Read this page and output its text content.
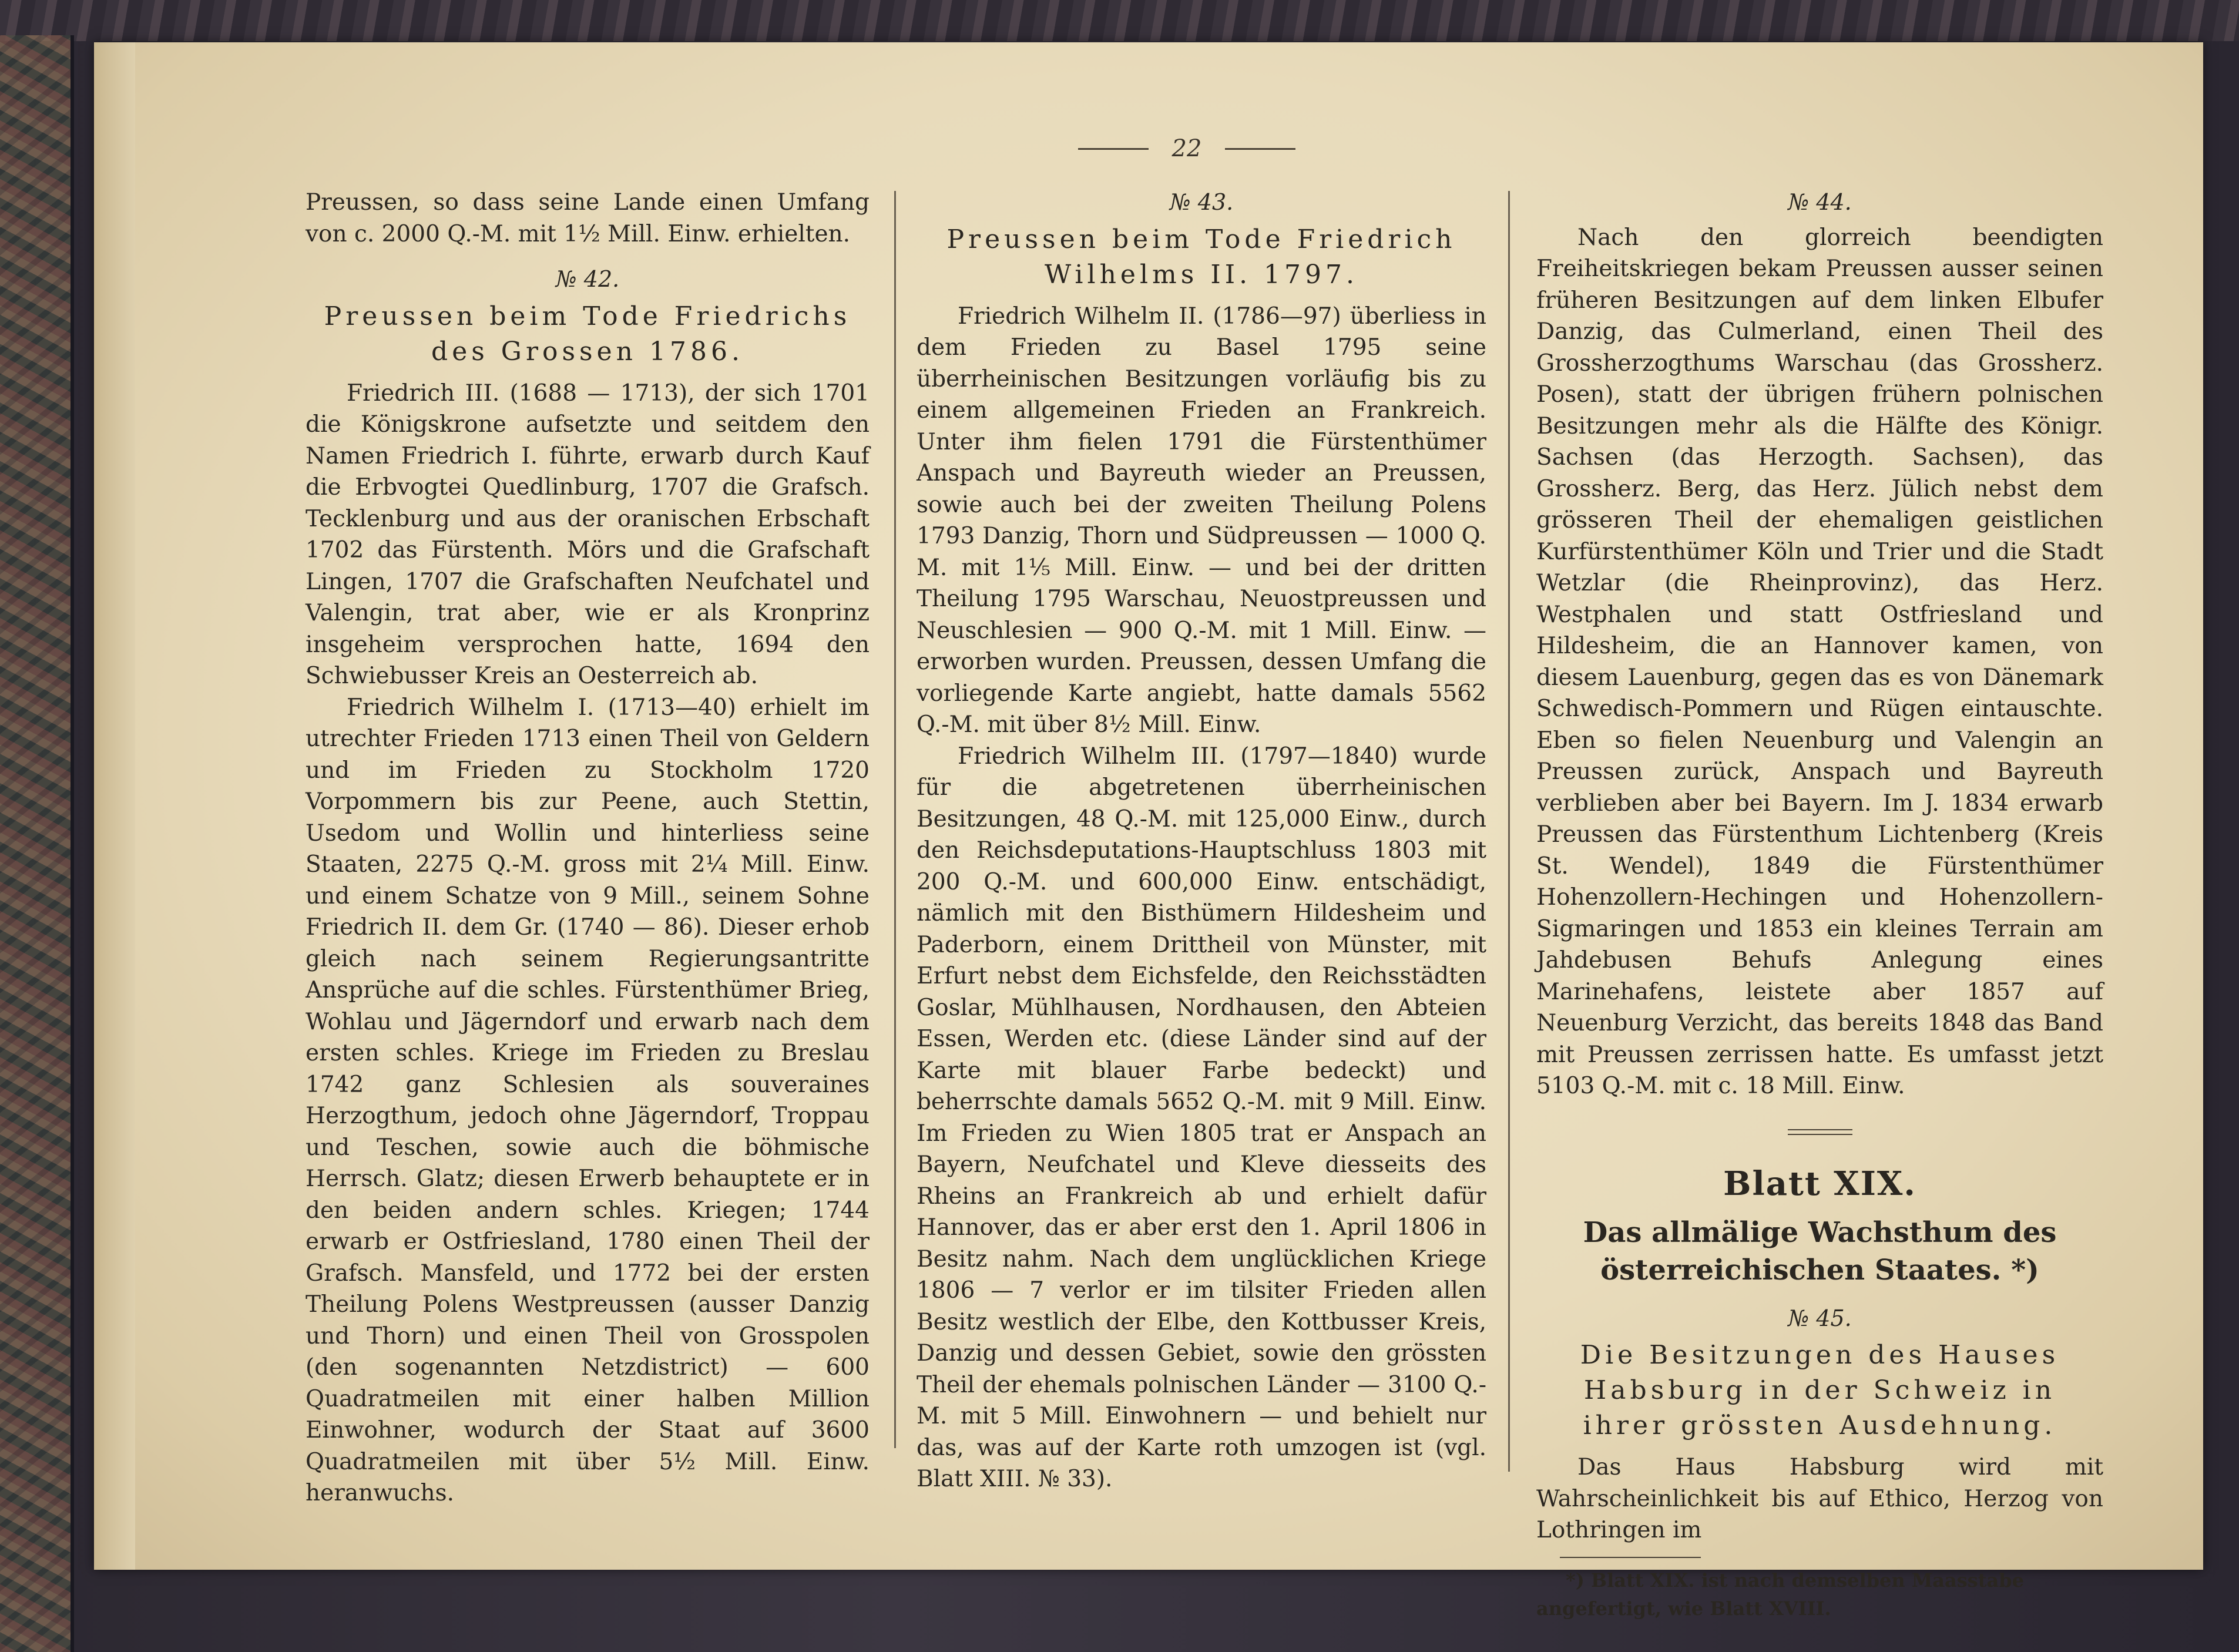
22

Preussen, so dass seine Lande einen Umfang von c. 2000 Q.-M. mit 1½ Mill. Einw. erhielten.

№ 42.
Preussen beim Tode Friedrichs des Grossen 1786.

Friedrich III. (1688 — 1713), der sich 1701 die Königskrone aufsetzte und seitdem den Namen Friedrich I. führte, erwarb durch Kauf die Erbvogtei Quedlinburg, 1707 die Grafsch. Tecklenburg und aus der oranischen Erbschaft 1702 das Fürstenth. Mörs und die Grafschaft Lingen, 1707 die Grafschaften Neufchatel und Valengin, trat aber, wie er als Kronprinz insgeheim versprochen hatte, 1694 den Schwiebusser Kreis an Oesterreich ab.

Friedrich Wilhelm I. (1713—40) erhielt im utrechter Frieden 1713 einen Theil von Geldern und im Frieden zu Stockholm 1720 Vorpommern bis zur Peene, auch Stettin, Usedom und Wollin und hinterliess seine Staaten, 2275 Q.-M. gross mit 2¼ Mill. Einw. und einem Schatze von 9 Mill., seinem Sohne Friedrich II. dem Gr. (1740 — 86). Dieser erhob gleich nach seinem Regierungsantritte Ansprüche auf die schles. Fürstenthümer Brieg, Wohlau und Jägerndorf und erwarb nach dem ersten schles. Kriege im Frieden zu Breslau 1742 ganz Schlesien als souveraines Herzogthum, jedoch ohne Jägerndorf, Troppau und Teschen, sowie auch die böhmische Herrsch. Glatz; diesen Erwerb behauptete er in den beiden andern schles. Kriegen; 1744 erwarb er Ostfriesland, 1780 einen Theil der Grafsch. Mansfeld, und 1772 bei der ersten Theilung Polens Westpreussen (ausser Danzig und Thorn) und einen Theil von Grosspolen (den sogenannten Netzdistrict) — 600 Quadratmeilen mit einer halben Million Einwohner, wodurch der Staat auf 3600 Quadratmeilen mit über 5½ Mill. Einw. heranwuchs.

№ 43.
Preussen beim Tode Friedrich Wilhelms II. 1797.

Friedrich Wilhelm II. (1786—97) überliess in dem Frieden zu Basel 1795 seine überrheinischen Besitzungen vorläufig bis zu einem allgemeinen Frieden an Frankreich. Unter ihm fielen 1791 die Fürstenthümer Anspach und Bayreuth wieder an Preussen, sowie auch bei der zweiten Theilung Polens 1793 Danzig, Thorn und Südpreussen — 1000 Q. M. mit 1⅕ Mill. Einw. — und bei der dritten Theilung 1795 Warschau, Neuostpreussen und Neuschlesien — 900 Q.-M. mit 1 Mill. Einw. — erworben wurden. Preussen, dessen Umfang die vorliegende Karte angiebt, hatte damals 5562 Q.-M. mit über 8½ Mill. Einw.

Friedrich Wilhelm III. (1797—1840) wurde für die abgetretenen überrheinischen Besitzungen, 48 Q.-M. mit 125,000 Einw., durch den Reichsdeputations-Hauptschluss 1803 mit 200 Q.-M. und 600,000 Einw. entschädigt, nämlich mit den Bisthümern Hildesheim und Paderborn, einem Drittheil von Münster, mit Erfurt nebst dem Eichsfelde, den Reichsstädten Goslar, Mühlhausen, Nordhausen, den Abteien Essen, Werden etc. (diese Länder sind auf der Karte mit blauer Farbe bedeckt) und beherrschte damals 5652 Q.-M. mit 9 Mill. Einw. Im Frieden zu Wien 1805 trat er Anspach an Bayern, Neufchatel und Kleve diesseits des Rheins an Frankreich ab und erhielt dafür Hannover, das er aber erst den 1. April 1806 in Besitz nahm. Nach dem unglücklichen Kriege 1806 — 7 verlor er im tilsiter Frieden allen Besitz westlich der Elbe, den Kottbusser Kreis, Danzig und dessen Gebiet, sowie den grössten Theil der ehemals polnischen Länder — 3100 Q.-M. mit 5 Mill. Einwohnern — und behielt nur das, was auf der Karte roth umzogen ist (vgl. Blatt XIII. № 33).

№ 44.

Nach den glorreich beendigten Freiheitskriegen bekam Preussen ausser seinen früheren Besitzungen auf dem linken Elbufer Danzig, das Culmerland, einen Theil des Grossherzogthums Warschau (das Grossherz. Posen), statt der übrigen frühern polnischen Besitzungen mehr als die Hälfte des Königr. Sachsen (das Herzogth. Sachsen), das Grossherz. Berg, das Herz. Jülich nebst dem grösseren Theil der ehemaligen geistlichen Kurfürstenthümer Köln und Trier und die Stadt Wetzlar (die Rheinprovinz), das Herz. Westphalen und statt Ostfriesland und Hildesheim, die an Hannover kamen, von diesem Lauenburg, gegen das es von Dänemark Schwedisch-Pommern und Rügen eintauschte. Eben so fielen Neuenburg und Valengin an Preussen zurück, Anspach und Bayreuth verblieben aber bei Bayern. Im J. 1834 erwarb Preussen das Fürstenthum Lichtenberg (Kreis St. Wendel), 1849 die Fürstenthümer Hohenzollern-Hechingen und Hohenzollern-Sigmaringen und 1853 ein kleines Terrain am Jahdebusen Behufs Anlegung eines Marinehafens, leistete aber 1857 auf Neuenburg Verzicht, das bereits 1848 das Band mit Preussen zerrissen hatte. Es umfasst jetzt 5103 Q.-M. mit c. 18 Mill. Einw.

Blatt XIX.
Das allmälige Wachsthum des österreichischen Staates. *)
№ 45.
Die Besitzungen des Hauses Habsburg in der Schweiz in ihrer grössten Ausdehnung.

Das Haus Habsburg wird mit Wahrscheinlichkeit bis auf Ethico, Herzog von Lothringen im

*) Blatt XIX. ist nach demselben Maasstabe angefertigt, wie Blatt XVIII.
